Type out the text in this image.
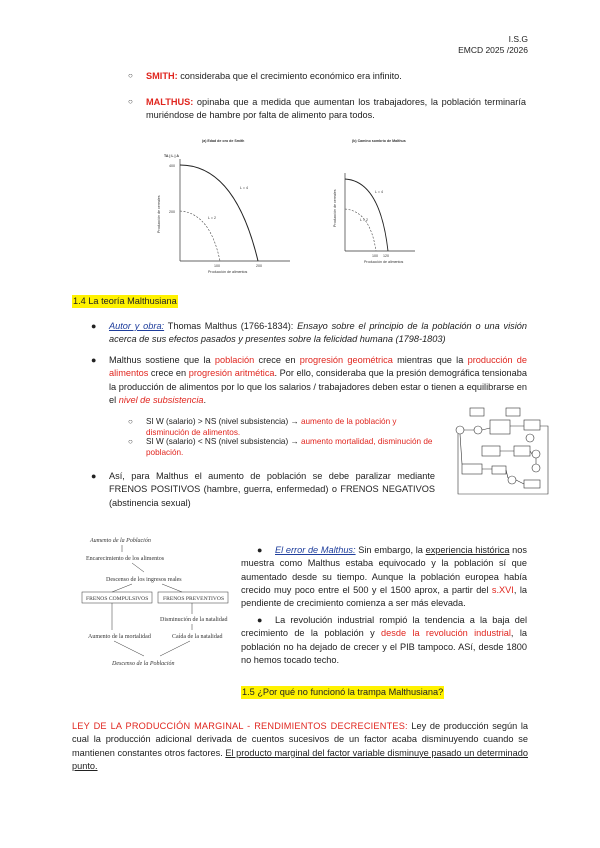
I.S.G
EMCD 2025 /2026
○ SMITH: consideraba que el crecimiento económico era infinito.
○ MALTHUS: opinaba que a medida que aumentan los trabajadores, la población terminaría muriéndose de hambre por falta de alimento para todos.
(a) Edad de oro de Smith
TA | L | A
400
200
100	200
L = 4
L = 2
Producción de cereales
Producción de alimentos
(b) Camino sombrío de Malthus
L = 4
L = 2
100 120
Producción de cereales
Producción de alimentos
1.4 La teoría Malthusiana
● Autor y obra: Thomas Malthus (1766-1834): Ensayo sobre el principio de la población o una visión acerca de sus efectos pasados y presentes sobre la felicidad humana (1798-1803)
● Malthus sostiene que la población crece en progresión geométrica mientras que la producción de alimentos crece en progresión aritmética. Por ello, consideraba que la presión demográfica tensionaba la producción de alimentos por lo que los salarios / trabajadores deben estar o tienen a equilibrarse en el nivel de subsistencia.
○ SI W (salario) > NS (nivel subsistencia) → aumento de la población y disminución de alimentos.
○ SI W (salario) < NS (nivel subsistencia) → aumento mortalidad, disminución de población.
● Así, para Malthus el aumento de población se debe paralizar mediante FRENOS POSITIVOS (hambre, guerra, enfermedad) o FRENOS NEGATIVOS (abstinencia sexual)
Aumento de la Población
Encarecimiento de los alimentos
Descenso de los ingresos reales
FRENOS COMPULSIVOS	FRENOS PREVENTIVOS
Disminución de la natalidad
Aumento de la mortalidad	Caída de la natalidad
Descenso de la Población
●	El error de Malthus: Sin embargo, la experiencia histórica nos muestra como Malthus estaba equivocado y la población sí que aumentado desde su tiempo. Aunque la población europea había crecido muy poco entre el 500 y el 1500 aprox, a partir del s.XVI, la pendiente de crecimiento comienza a ser más elevada.
●	La revolución industrial rompió la tendencia a la baja del crecimiento de la población y desde la revolución industrial, la población no ha dejado de crecer y el PIB tampoco. ASí, desde 1800 no hemos tocado techo.
1.5 ¿Por qué no funcionó la trampa Malthusiana?
LEY DE LA PRODUCCIÓN MARGINAL - RENDIMIENTOS DECRECIENTES: Ley de producción según la cual la producción adicional derivada de cuentos sucesivos de un factor acaba disminuyendo cuando se mantienen constantes otros factores. El producto marginal del factor variable disminuye pasado un determinado punto.
